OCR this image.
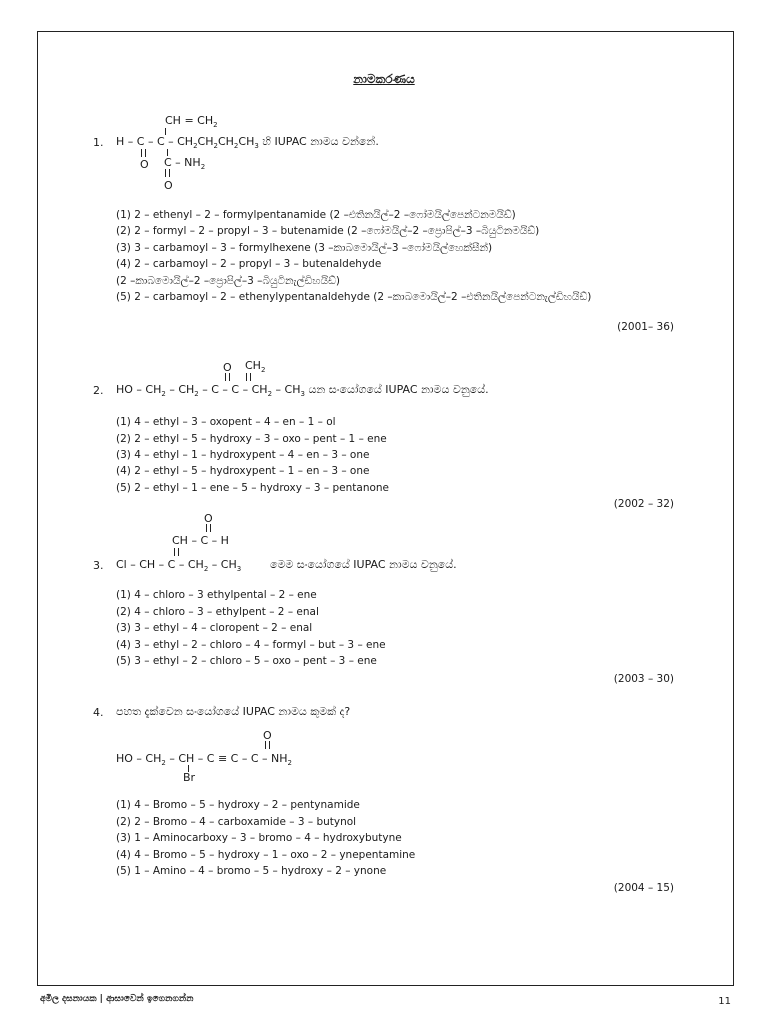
නාමකරණය
1.
CH = $CH_2$
H – C – C – $CH_2CH_2CH_2CH_3$ හි IUPAC නාමය වන්නේ.
O C – $NH_2$
O
(1) 2 – ethenyl – 2 – formylpentanamide (2 –එතිනයිල්–2 –ෆෝමයිල්පෙන්ටනමයිඩ්)
(2) 2 – formyl – 2 – propyl – 3 – butenamide (2 –ෆෝමයිල්–2 –ප්‍රොපිල්–3 –බියුටිනමයිඩ්)
(3) 3 – carbamoyl – 3 – formylhexene (3 –කාබමොයිල්–3 –ෆෝමයිල්හෙක්සීන්)
(4) 2 – carbamoyl – 2 – propyl – 3 – butenaldehyde
(2 –කාබමොයිල්–2 –ප්‍රොපිල්–3 –බියුටිනැල්ඩිහයිඩ්)
(5) 2 – carbamoyl – 2 – ethenylypentanaldehyde (2 –කාබමොයිල්–2 –එතිනයිල්පෙන්ටනැල්ඩිහයිඩ්)
(2001– 36)
2.
O $CH_2$
HO – $CH_2 - CH_2$ – C – C – $CH_2 - CH_3$ යන සංයෝගයේ IUPAC නාමය වනුයේ.
(1) 4 – ethyl – 3 – oxopent – 4 – en – 1 – ol
(2) 2 – ethyl – 5 – hydroxy – 3 – oxo – pent – 1 – ene
(3) 4 – ethyl – 1 – hydroxypent – 4 – en – 3 – one
(4) 2 – ethyl – 5 – hydroxypent – 1 – en – 3 – one
(5) 2 – ethyl – 1 – ene – 5 – hydroxy – 3 – pentanone
(2002 – 32)
3.
O
CH – C – H
Cl – CH – C – $CH_2 - CH_3$	මෙම සංයෝගයේ IUPAC නාමය වනුයේ.
(1) 4 – chloro – 3 ethylpental – 2 – ene
(2) 4 – chloro – 3 – ethylpent – 2 – enal
(3) 3 – ethyl – 4 – cloropent – 2 – enal
(4) 3 – ethyl – 2 – chloro – 4 – formyl – but – 3 – ene
(5) 3 – ethyl – 2 – chloro – 5 – oxo – pent – 3 – ene
(2003 – 30)
4. පහත දැක්වෙන සංයෝගයේ IUPAC නාමය කුමක් ද?
O
HO – $CH_2$ – CH – $C \equiv C - C - NH_2$
Br
(1) 4 – Bromo – 5 – hydroxy – 2 – pentynamide
(2) 2 – Bromo – 4 – carboxamide – 3 – butynol
(3) 1 – Aminocarboxy – 3 – bromo – 4 – hydroxybutyne
(4) 4 – Bromo – 5 – hydroxy – 1 – oxo – 2 – ynepentamine
(5) 1 – Amino – 4 – bromo – 5 – hydroxy – 2 – ynone
(2004 – 15)
අමිල දසනායක | ආසාවෙන් ඉගෙනගන්න	11
